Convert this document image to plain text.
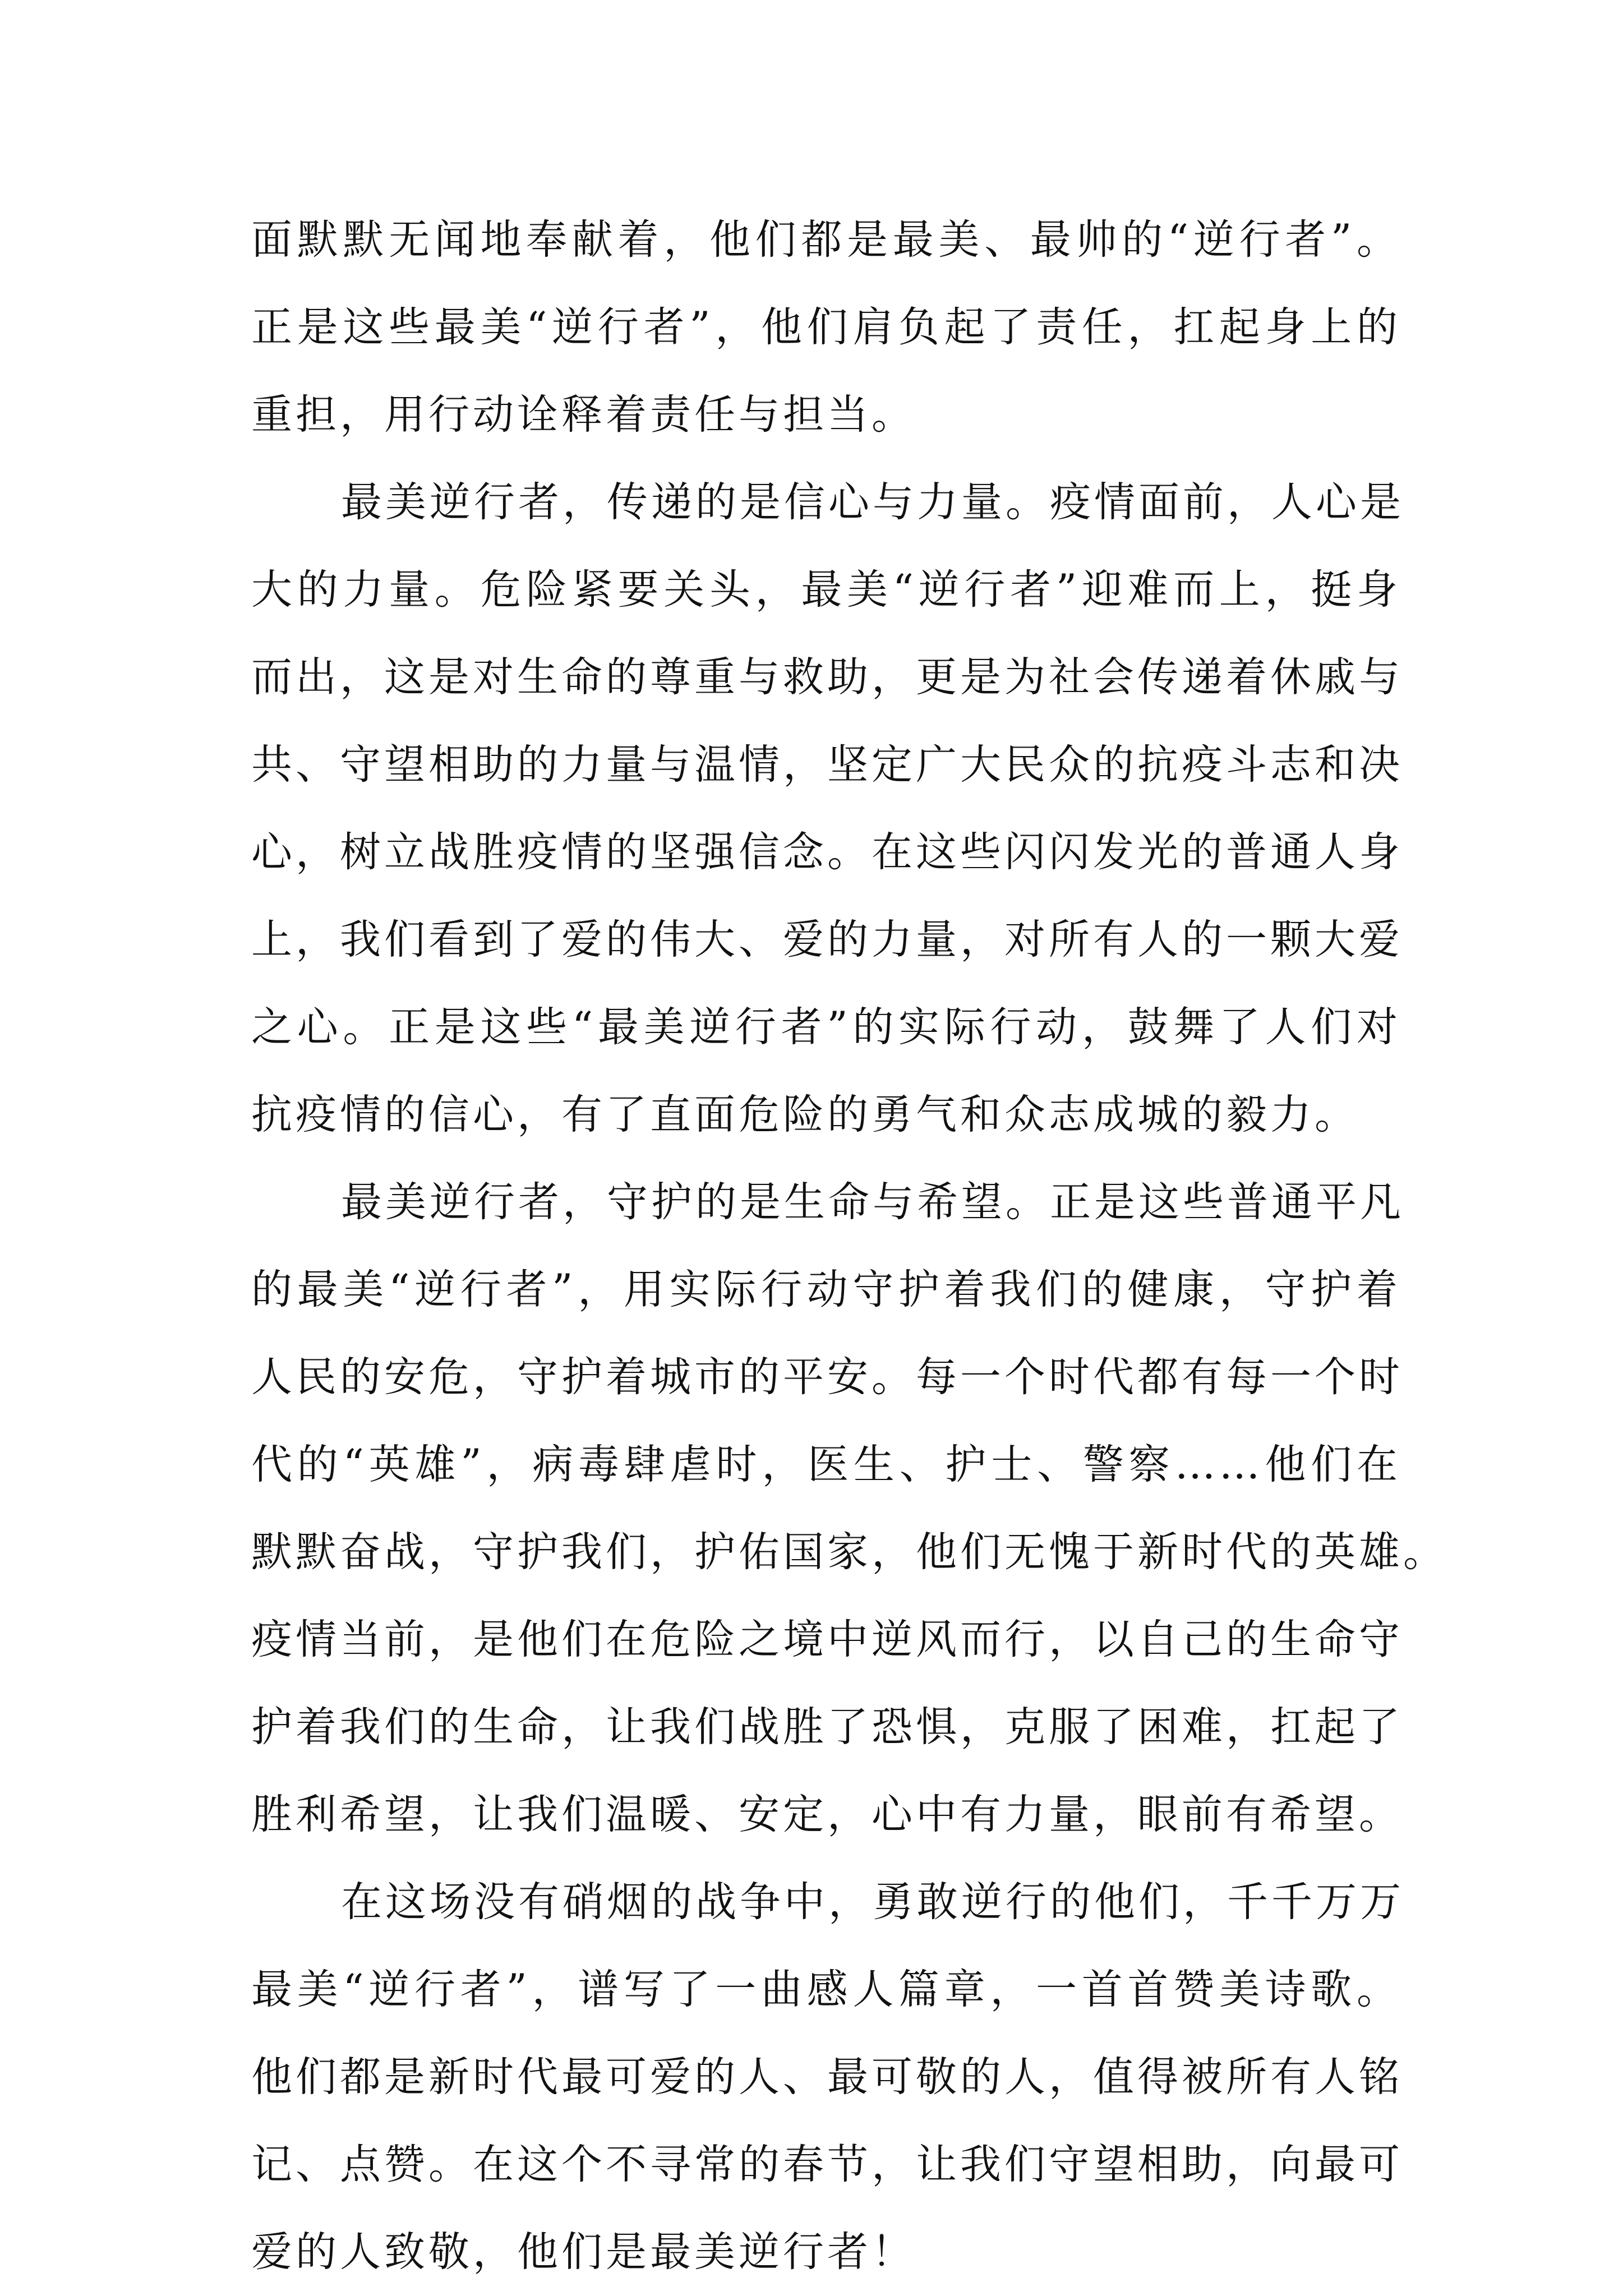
面默默无闻地奉献着，他们都是最美、最帅的“逆行者”。
正是这些最美“逆行者”，他们肩负起了责任，扛起身上的
重担，用行动诠释着责任与担当。
最美逆行者，传递的是信心与力量。疫情面前，人心是
大的力量。危险紧要关头，最美“逆行者”迎难而上，挺身
而出，这是对生命的尊重与救助，更是为社会传递着休戚与
共、守望相助的力量与温情，坚定广大民众的抗疫斗志和决
心，树立战胜疫情的坚强信念。在这些闪闪发光的普通人身
上，我们看到了爱的伟大、爱的力量，对所有人的一颗大爱
之心。正是这些“最美逆行者”的实际行动，鼓舞了人们对
抗疫情的信心，有了直面危险的勇气和众志成城的毅力。
最美逆行者，守护的是生命与希望。正是这些普通平凡
的最美“逆行者”，用实际行动守护着我们的健康，守护着
人民的安危，守护着城市的平安。每一个时代都有每一个时
代的“英雄”，病毒肆虐时，医生、护士、警察……他们在
默默奋战，守护我们，护佑国家，他们无愧于新时代的英雄。
疫情当前，是他们在危险之境中逆风而行，以自己的生命守
护着我们的生命，让我们战胜了恐惧，克服了困难，扛起了
胜利希望，让我们温暖、安定，心中有力量，眼前有希望。
在这场没有硝烟的战争中，勇敢逆行的他们，千千万万
最美“逆行者”，谱写了一曲感人篇章，一首首赞美诗歌。
他们都是新时代最可爱的人、最可敬的人，值得被所有人铭
记、点赞。在这个不寻常的春节，让我们守望相助，向最可
爱的人致敬，他们是最美逆行者！
